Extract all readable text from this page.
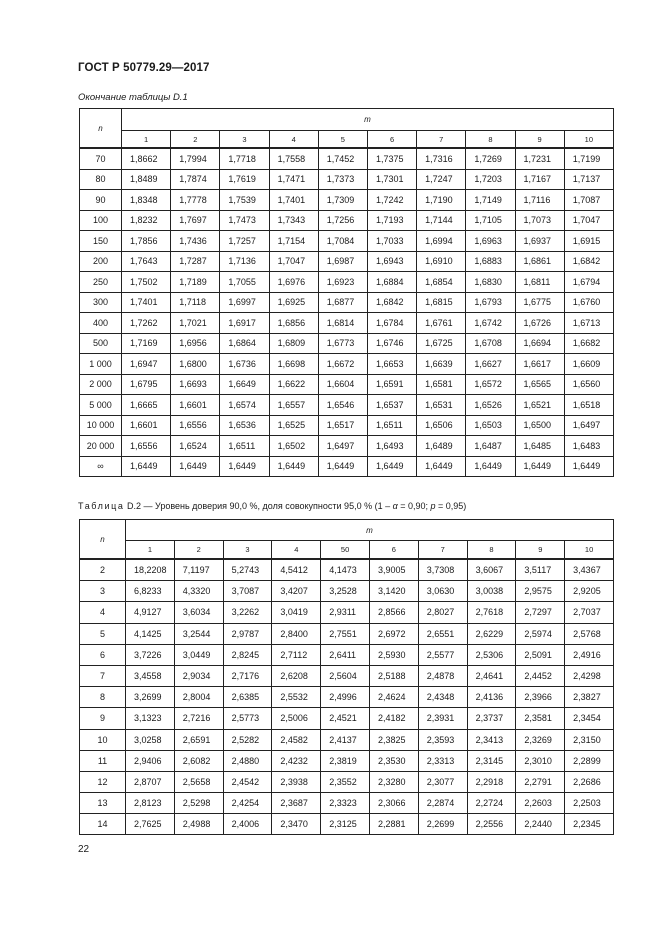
ГОСТ Р 50779.29—2017
Окончание таблицы D.1
n	m									
	1	2	3	4	5	6	7	8	9	10
70	1,8662	1,7994	1,7718	1,7558	1,7452	1,7375	1,7316	1,7269	1,7231	1,7199
80	1,8489	1,7874	1,7619	1,7471	1,7373	1,7301	1,7247	1,7203	1,7167	1,7137
90	1,8348	1,7778	1,7539	1,7401	1,7309	1,7242	1,7190	1,7149	1,7116	1,7087
100	1,8232	1,7697	1,7473	1,7343	1,7256	1,7193	1,7144	1,7105	1,7073	1,7047
150	1,7856	1,7436	1,7257	1,7154	1,7084	1,7033	1,6994	1,6963	1,6937	1,6915
200	1,7643	1,7287	1,7136	1,7047	1,6987	1,6943	1,6910	1,6883	1,6861	1,6842
250	1,7502	1,7189	1,7055	1,6976	1,6923	1,6884	1,6854	1,6830	1,6811	1,6794
300	1,7401	1,7118	1,6997	1,6925	1,6877	1,6842	1,6815	1,6793	1,6775	1,6760
400	1,7262	1,7021	1,6917	1,6856	1,6814	1,6784	1,6761	1,6742	1,6726	1,6713
500	1,7169	1,6956	1,6864	1,6809	1,6773	1,6746	1,6725	1,6708	1,6694	1,6682
1 000	1,6947	1,6800	1,6736	1,6698	1,6672	1,6653	1,6639	1,6627	1,6617	1,6609
2 000	1,6795	1,6693	1,6649	1,6622	1,6604	1,6591	1,6581	1,6572	1,6565	1,6560
5 000	1,6665	1,6601	1,6574	1,6557	1,6546	1,6537	1,6531	1,6526	1,6521	1,6518
10 000	1,6601	1,6556	1,6536	1,6525	1,6517	1,6511	1,6506	1,6503	1,6500	1,6497
20 000	1,6556	1,6524	1,6511	1,6502	1,6497	1,6493	1,6489	1,6487	1,6485	1,6483
∞	1,6449	1,6449	1,6449	1,6449	1,6449	1,6449	1,6449	1,6449	1,6449	1,6449
Таблица D.2 — Уровень доверия 90,0 %, доля совокупности 95,0 % (1 – α = 0,90; p = 0,95)
n	m									
	1	2	3	4	50	6	7	8	9	10
2	18,2208	7,1197	5,2743	4,5412	4,1473	3,9005	3,7308	3,6067	3,5117	3,4367
3	6,8233	4,3320	3,7087	3,4207	3,2528	3,1420	3,0630	3,0038	2,9575	2,9205
4	4,9127	3,6034	3,2262	3,0419	2,9311	2,8566	2,8027	2,7618	2,7297	2,7037
5	4,1425	3,2544	2,9787	2,8400	2,7551	2,6972	2,6551	2,6229	2,5974	2,5768
6	3,7226	3,0449	2,8245	2,7112	2,6411	2,5930	2,5577	2,5306	2,5091	2,4916
7	3,4558	2,9034	2,7176	2,6208	2,5604	2,5188	2,4878	2,4641	2,4452	2,4298
8	3,2699	2,8004	2,6385	2,5532	2,4996	2,4624	2,4348	2,4136	2,3966	2,3827
9	3,1323	2,7216	2,5773	2,5006	2,4521	2,4182	2,3931	2,3737	2,3581	2,3454
10	3,0258	2,6591	2,5282	2,4582	2,4137	2,3825	2,3593	2,3413	2,3269	2,3150
11	2,9406	2,6082	2,4880	2,4232	2,3819	2,3530	2,3313	2,3145	2,3010	2,2899
12	2,8707	2,5658	2,4542	2,3938	2,3552	2,3280	2,3077	2,2918	2,2791	2,2686
13	2,8123	2,5298	2,4254	2,3687	2,3323	2,3066	2,2874	2,2724	2,2603	2,2503
14	2,7625	2,4988	2,4006	2,3470	2,3125	2,2881	2,2699	2,2556	2,2440	2,2345
22
